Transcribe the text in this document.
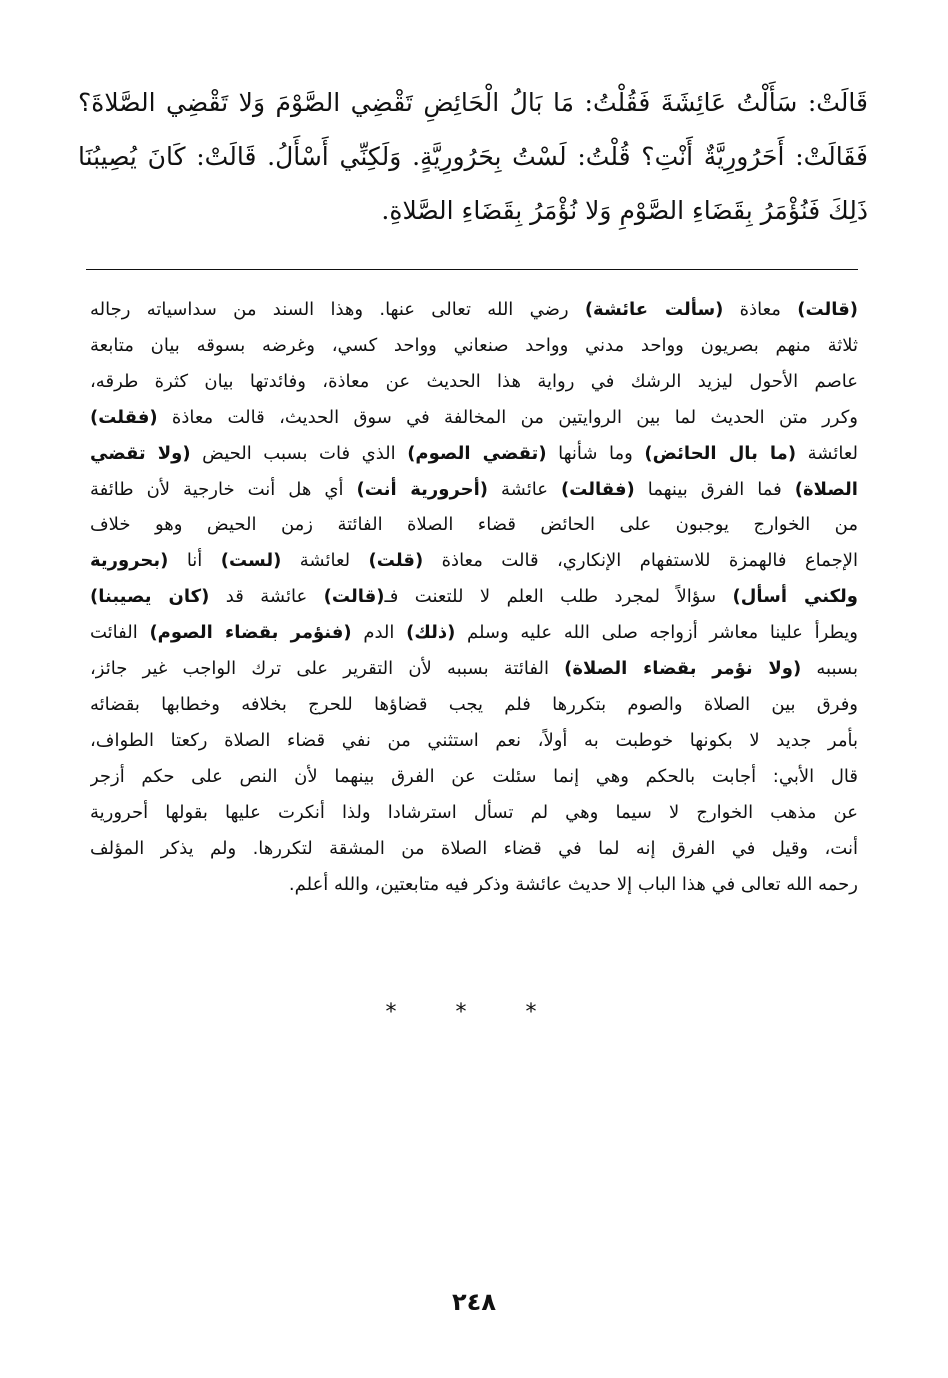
قَالَتْ: سَأَلْتُ عَائِشَةَ فَقُلْتُ: مَا بَالُ الْحَائِضِ تَقْضِي الصَّوْمَ وَلا تَقْضِي الصَّلاةَ؟
فَقَالَتْ: أَحَرُورِيَّةٌ أَنْتِ؟ قُلْتُ: لَسْتُ بِحَرُورِيَّةٍ. وَلَكِنِّي أَسْأَلُ. قَالَتْ: كَانَ يُصِيبُنَا
ذَلِكَ فَنُؤْمَرُ بِقَضَاءِ الصَّوْمِ وَلا نُؤْمَرُ بِقَضَاءِ الصَّلاةِ.
(قالت) معاذة (سألت عائشة) رضي الله تعالى عنها. وهذا السند من سداسياته رجاله
ثلاثة منهم بصريون وواحد مدني وواحد صنعاني وواحد كسي، وغرضه بسوقه بيان متابعة
عاصم الأحول ليزيد الرشك في رواية هذا الحديث عن معاذة، وفائدتها بيان كثرة طرقه،
وكرر متن الحديث لما بين الروايتين من المخالفة في سوق الحديث، قالت معاذة (فقلت)
لعائشة (ما بال الحائض) وما شأنها (تقضي الصوم) الذي فات بسبب الحيض (ولا تقضي
الصلاة) فما الفرق بينهما (فقالت) عائشة (أحرورية أنت) أي هل أنت خارجية لأن طائفة
من الخوارج يوجبون على الحائض قضاء الصلاة الفائتة زمن الحيض وهو خلاف
الإجماع فالهمزة للاستفهام الإنكاري، قالت معاذة (قلت) لعائشة (لست) أنا (بحرورية
ولكني أسأل) سؤالاً لمجرد طلب العلم لا للتعنت فـ(قالت) عائشة قد (كان يصيبنا)
ويطرأ علينا معاشر أزواجه صلى الله عليه وسلم (ذلك) الدم (فنؤمر بقضاء الصوم) الفائت
بسببه (ولا نؤمر بقضاء الصلاة) الفائتة بسببه لأن التقرير على ترك الواجب غير جائز،
وفرق بين الصلاة والصوم بتكررها فلم يجب قضاؤها للحرج بخلافه وخطابها بقضائه
بأمر جديد لا بكونها خوطبت به أولاً، نعم استثني من نفي قضاء الصلاة ركعتا الطواف،
قال الأبي: أجابت بالحكم وهي إنما سئلت عن الفرق بينهما لأن النص على حكم أزجر
عن مذهب الخوارج لا سيما وهي لم تسأل استرشادا ولذا أنكرت عليها بقولها أحرورية
أنت، وقيل في الفرق إنه لما في قضاء الصلاة من المشقة لتكررها. ولم يذكر المؤلف
رحمه الله تعالى في هذا الباب إلا حديث عائشة وذكر فيه متابعتين، والله أعلم.
* * *
٢٤٨
